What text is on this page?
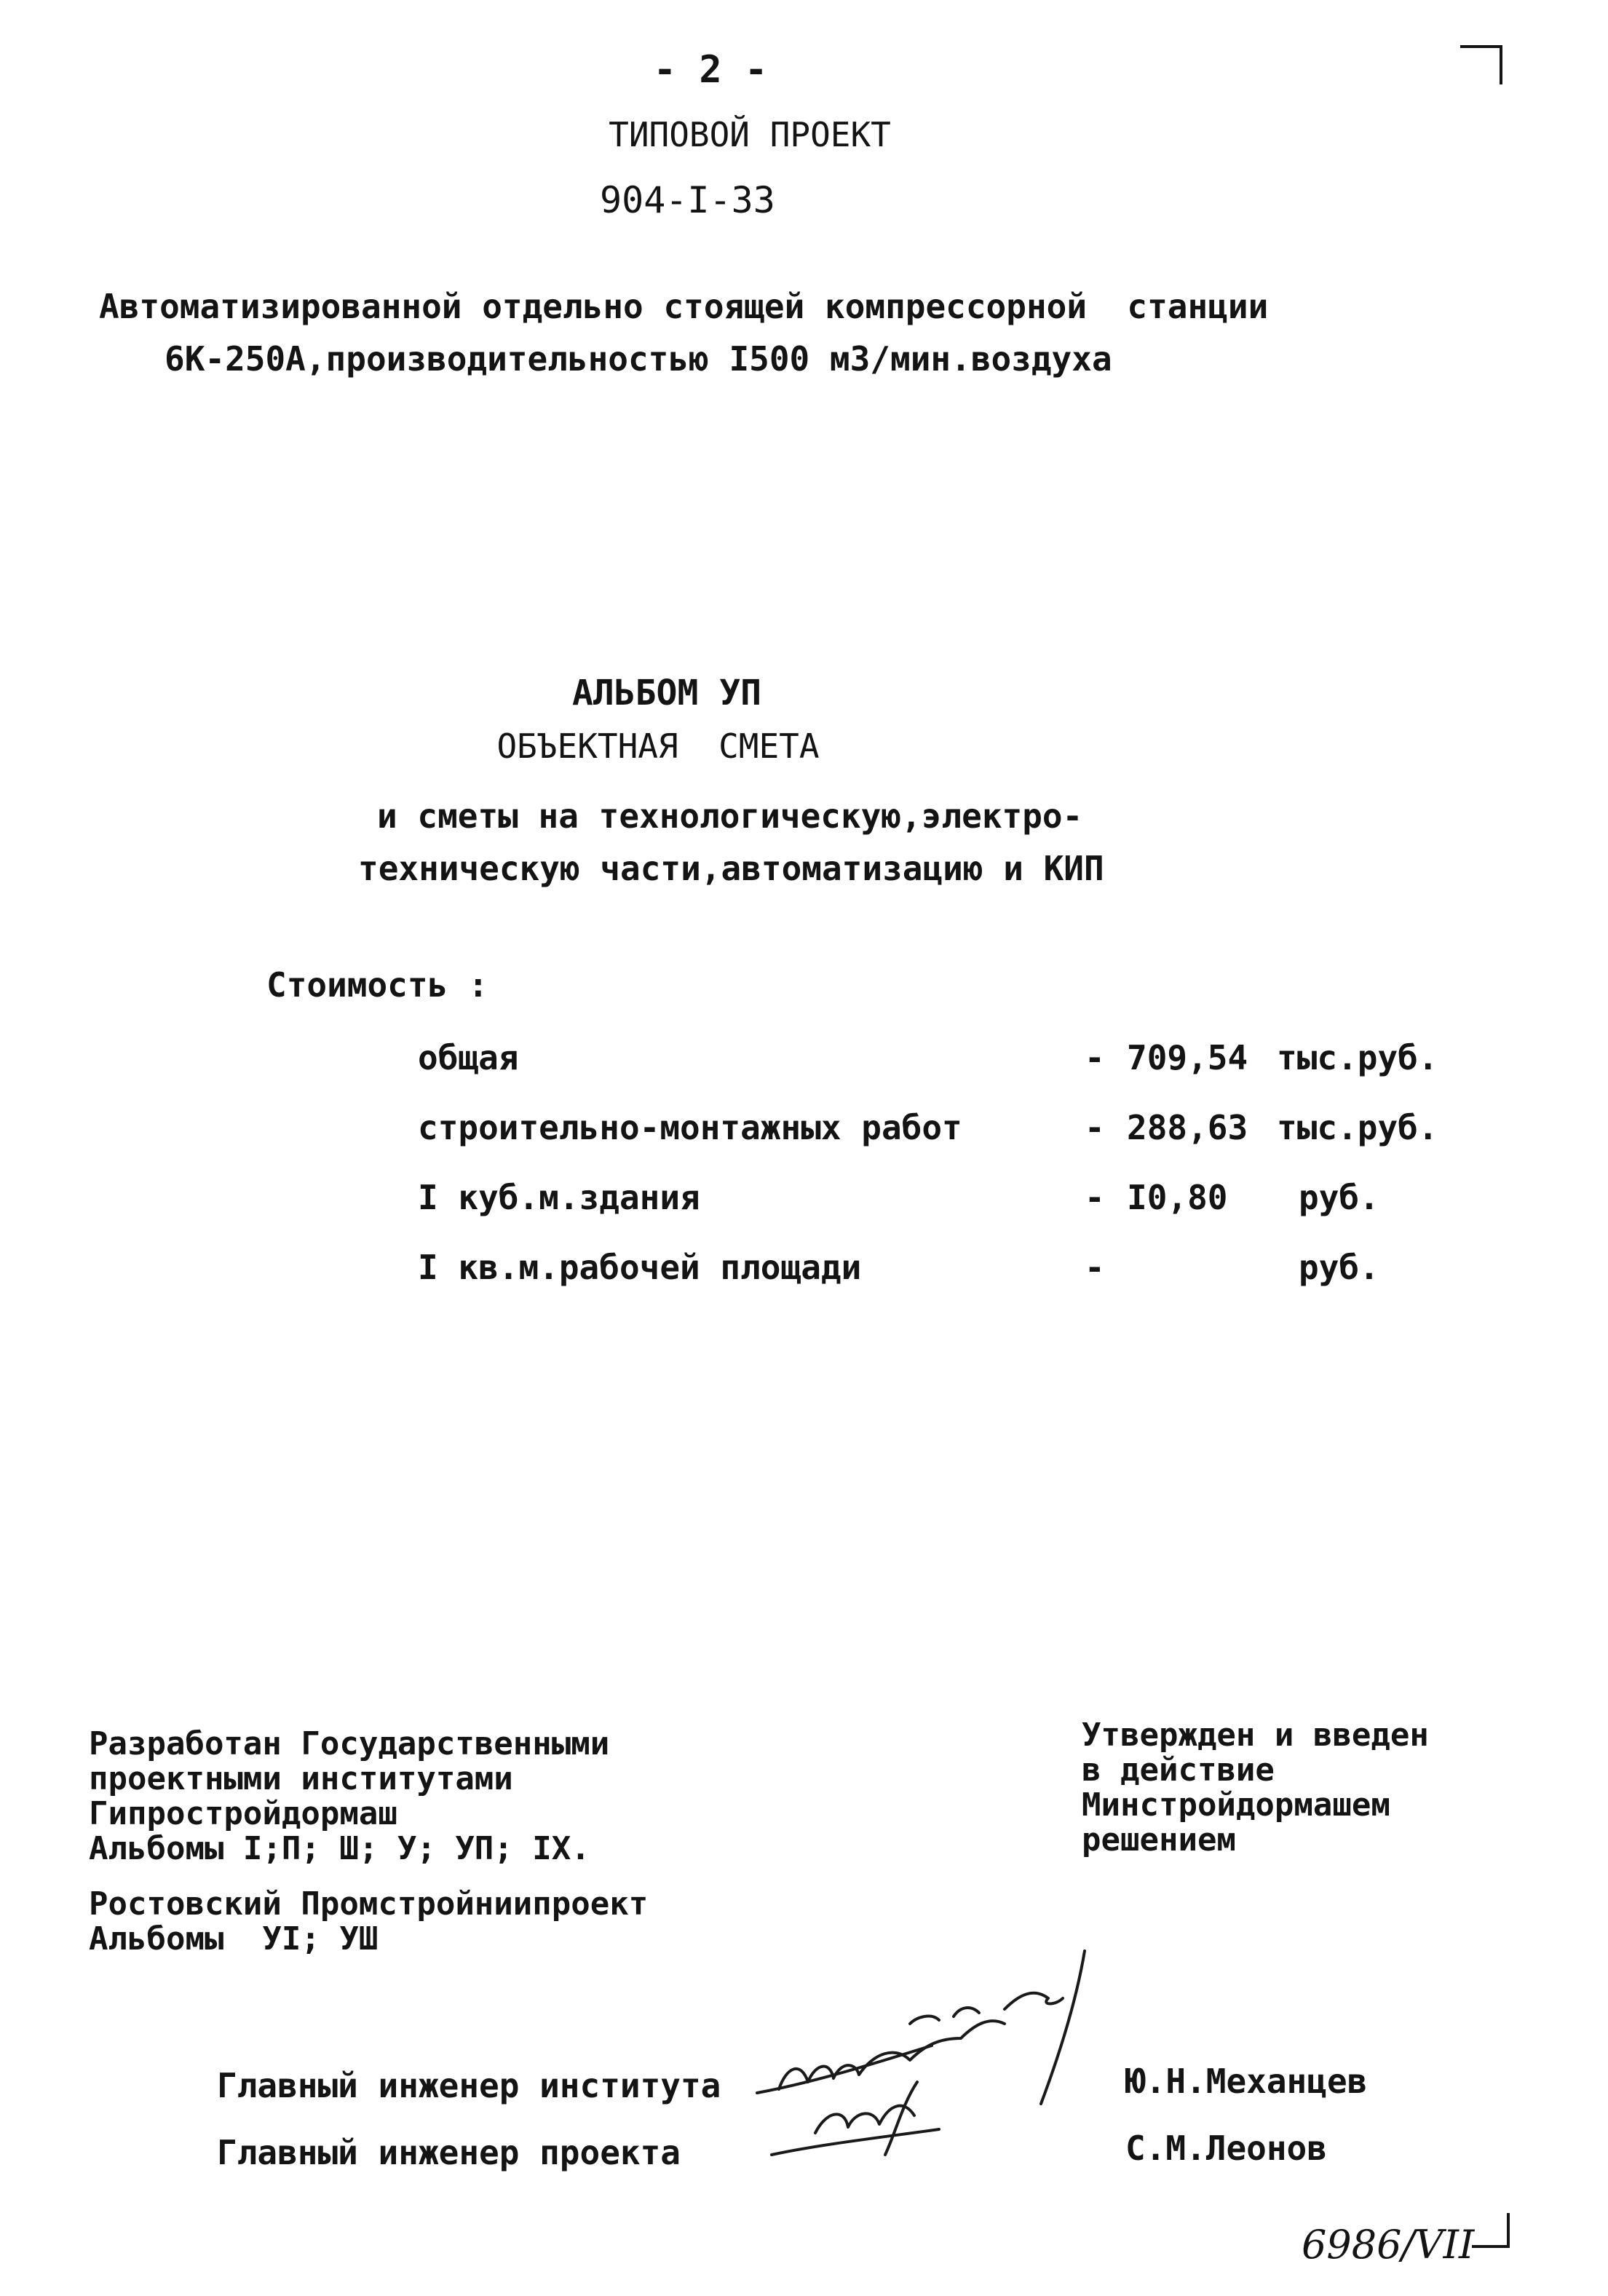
- 2 -
ТИПОВОЙ ПРОЕКТ
904-I-33
Автоматизированной отдельно стоящей компрессорной  станции
6К-250А,производительностью I500 м3/мин.воздуха
АЛЬБОМ УП
ОБЪЕКТНАЯ  СМЕТА
и сметы на технологическую,электро-
техническую части,автоматизацию и КИП
Стоимость :
общая	- 709,54 тыс.руб.
строительно-монтажных работ	- 288,63 тыс.руб.
I куб.м.здания	- I0,80 руб.
I кв.м.рабочей площади	-	руб.
Разработан Государственными
проектными институтами
Гипростройдормаш
Альбомы I;П; Ш; У; УП; IX.
Ростовский Промстройниипроект
Альбомы  УI; УШ
Утвержден и введен
в действие
Минстройдормашем
решением
Главный инженер института	Ю.Н.Механцев
Главный инженер проекта	С.М.Леонов
6986/VII
